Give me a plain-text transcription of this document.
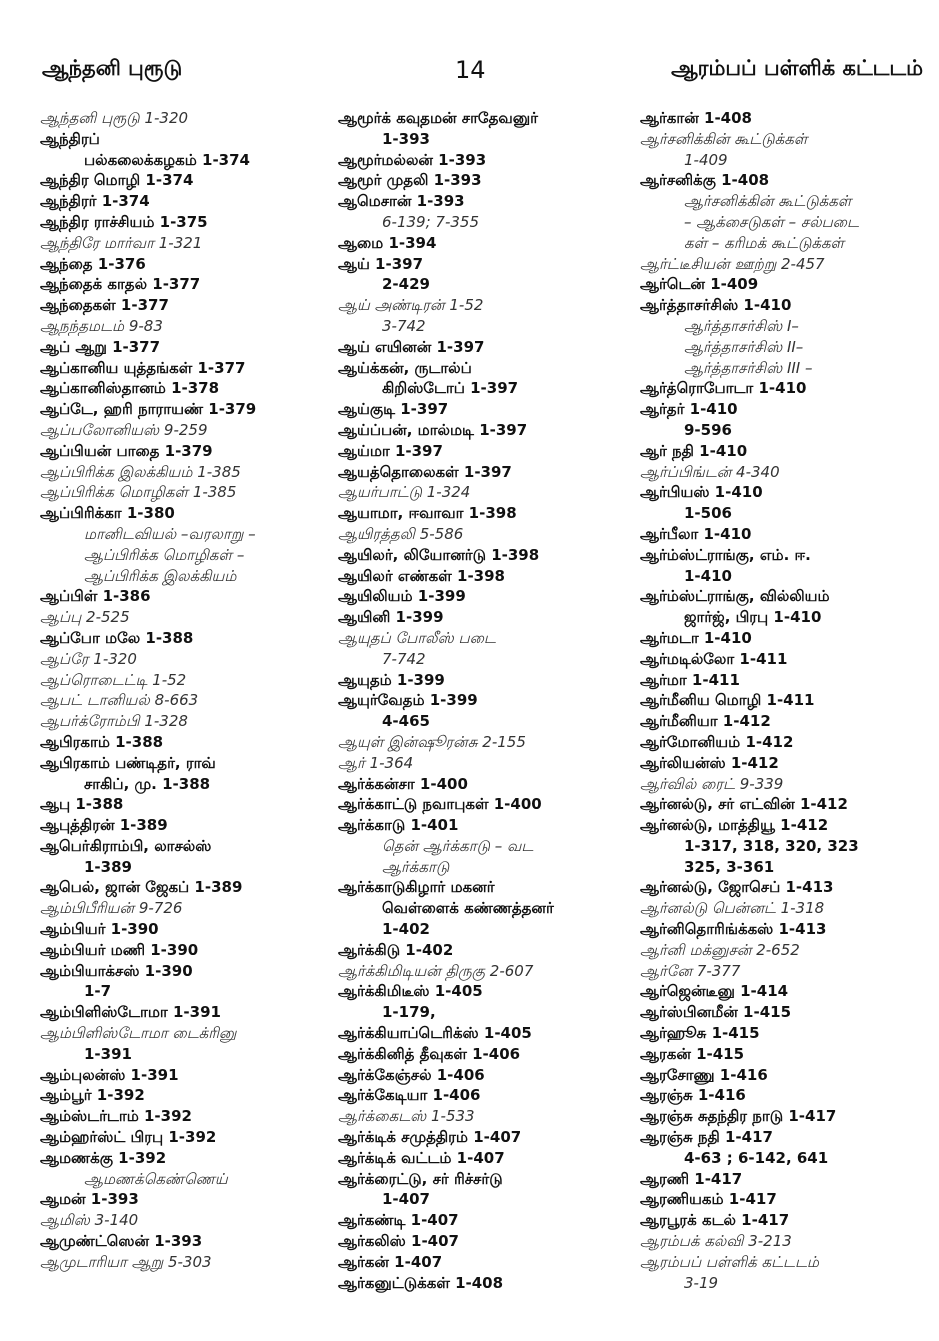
ஆந்தனி புரூடு	14	ஆரம்பப் பள்ளிக் கட்டடம்
ஆந்தனி புரூடு 1-320
ஆந்திரப்
பல்கலைக்கழகம் 1-374
ஆந்திர மொழி 1-374
ஆந்திரர் 1-374
ஆந்திர ராச்சியம் 1-375
ஆந்திரே மார்வா 1-321
ஆந்தை 1-376
ஆந்தைக் காதல் 1-377
ஆந்தைகள் 1-377
ஆநந்தமடம் 9-83
ஆப் ஆறு 1-377
ஆப்கானிய யுத்தங்கள் 1-377
ஆப்கானிஸ்தானம் 1-378
ஆப்டே, ஹரி நாராயண் 1-379
ஆப்பலோனியஸ் 9-259
ஆப்பியன் பாதை 1-379
ஆப்பிரிக்க இலக்கியம் 1-385
ஆப்பிரிக்க மொழிகள் 1-385
ஆப்பிரிக்கா 1-380
மானிடவியல் –வரலாறு –
ஆப்பிரிக்க மொழிகள் –
ஆப்பிரிக்க இலக்கியம்
ஆப்பிள் 1-386
ஆப்பு 2-525
ஆப்போ மலே 1-388
ஆப்ரே 1-320
ஆப்ரொடைட்டி 1-52
ஆபட் டானியல் 8-663
ஆபர்க்ரோம்பி 1-328
ஆபிரகாம் 1-388
ஆபிரகாம் பண்டிதர், ராவ்
சாகிப், மு. 1-388
ஆபு 1-388
ஆபுத்திரன் 1-389
ஆபெர்கிராம்பி, லாசல்ஸ்
1-389
ஆபெல், ஜான் ஜேகப் 1-389
ஆம்பிபீரியன் 9-726
ஆம்பியர் 1-390
ஆம்பியர் மணி 1-390
ஆம்பியாக்சஸ் 1-390
1-7
ஆம்பிளிஸ்டோமா 1-391
ஆம்பிளிஸ்டோமா டைக்ரினு
1-391
ஆம்புலன்ஸ் 1-391
ஆம்பூர் 1-392
ஆம்ஸ்டர்டாம் 1-392
ஆம்ஹர்ஸ்ட் பிரபு 1-392
ஆமணக்கு 1-392
ஆமணக்கெண்ணெய்
ஆமன் 1-393
ஆமிஸ் 3-140
ஆமுண்ட்ஸென் 1-393
ஆமுடாரியா ஆறு 5-303
ஆமூர்க் கவுதமன் சாதேவனுர்
1-393
ஆமூர்மல்லன் 1-393
ஆமூர் முதலி 1-393
ஆமெசான் 1-393
6-139; 7-355
ஆமை 1-394
ஆய் 1-397
2-429
ஆய் அண்டிரன் 1-52
3-742
ஆய் எயினன் 1-397
ஆய்க்கன், ருடால்ப்
கிறிஸ்டோப் 1-397
ஆய்குடி 1-397
ஆய்ப்பன், மால்மடி 1-397
ஆய்மா 1-397
ஆயத்தொலைகள் 1-397
ஆயர்பாட்டு 1-324
ஆயாமா, ஈவாவா 1-398
ஆயிரத்தலி 5-586
ஆயிலர், லியோனர்டு 1-398
ஆயிலர் எண்கள் 1-398
ஆயிலியம் 1-399
ஆயினி 1-399
ஆயுதப் போலீஸ் படை
7-742
ஆயுதம் 1-399
ஆயுர்வேதம் 1-399
4-465
ஆயுள் இன்ஷூரன்சு 2-155
ஆர் 1-364
ஆர்க்கன்சா 1-400
ஆர்க்காட்டு நவாபுகள் 1-400
ஆர்க்காடு 1-401
தென் ஆர்க்காடு – வட
ஆர்க்காடு
ஆர்க்காடுகிழார் மகனர்
வெள்ளைக் கண்ணத்தனர்
1-402
ஆர்க்கிடு 1-402
ஆர்க்கிமிடியன் திருகு 2-607
ஆர்க்கிமிடீஸ் 1-405
1-179,
ஆர்க்கியாப்டெரிக்ஸ் 1-405
ஆர்க்கினித் தீவுகள் 1-406
ஆர்க்கேஞ்சல் 1-406
ஆர்க்கேடியா 1-406
ஆர்க்கைடஸ் 1-533
ஆர்க்டிக் சமுத்திரம் 1-407
ஆர்க்டிக் வட்டம் 1-407
ஆர்க்ரைட்டு, சர் ரிச்சர்டு
1-407
ஆர்கண்டி 1-407
ஆர்கலிஸ் 1-407
ஆர்கன் 1-407
ஆர்கனுட்டுக்கள் 1-408
ஆர்கான் 1-408
ஆர்சனிக்கின் கூட்டுக்கள்
1-409
ஆர்சனிக்கு 1-408
ஆர்சனிக்கின் கூட்டுக்கள்
– ஆக்சைடுகள் – சல்படை
கள் – கரிமக் கூட்டுக்கள்
ஆர்ட்டீசியன் ஊற்று 2-457
ஆர்டென் 1-409
ஆர்த்தாசர்சிஸ் 1-410
ஆர்த்தாசர்சிஸ் I–
ஆர்த்தாசர்சிஸ் II–
ஆர்த்தாசர்சிஸ் III –
ஆர்த்ரொபோடா 1-410
ஆர்தர் 1-410
9-596
ஆர் நதி 1-410
ஆர்ப்பிங்டன் 4-340
ஆர்பியஸ் 1-410
1-506
ஆர்பீலா 1-410
ஆர்ம்ஸ்ட்ராங்கு, எம். ஈ.
1-410
ஆர்ம்ஸ்ட்ராங்கு, வில்லியம்
ஜார்ஜ், பிரபு 1-410
ஆர்மடா 1-410
ஆர்மடில்லோ 1-411
ஆர்மா 1-411
ஆர்மீனிய மொழி 1-411
ஆர்மீனியா 1-412
ஆர்மோனியம் 1-412
ஆர்லியன்ஸ் 1-412
ஆர்வில் ரைட் 9-339
ஆர்னல்டு, சர் எட்வின் 1-412
ஆர்னல்டு, மாத்தியூ 1-412
1-317, 318, 320, 323
325, 3-361
ஆர்னல்டு, ஜோசெப் 1-413
ஆர்னல்டு பென்னட் 1-318
ஆர்னிதொரிங்க்கஸ் 1-413
ஆர்னி மக்னுசன் 2-652
ஆர்னே 7-377
ஆர்ஜென்டீனு 1-414
ஆர்ஸ்பினமீன் 1-415
ஆர்ஹூசு 1-415
ஆரகன் 1-415
ஆரசோணு 1-416
ஆரஞ்சு 1-416
ஆரஞ்சு சுதந்திர நாடு 1-417
ஆரஞ்சு நதி 1-417
4-63 ; 6-142, 641
ஆரணி 1-417
ஆரணியகம் 1-417
ஆரபூரக் கடல் 1-417
ஆரம்பக் கல்வி 3-213
ஆரம்பப் பள்ளிக் கட்டடம்
3-19
